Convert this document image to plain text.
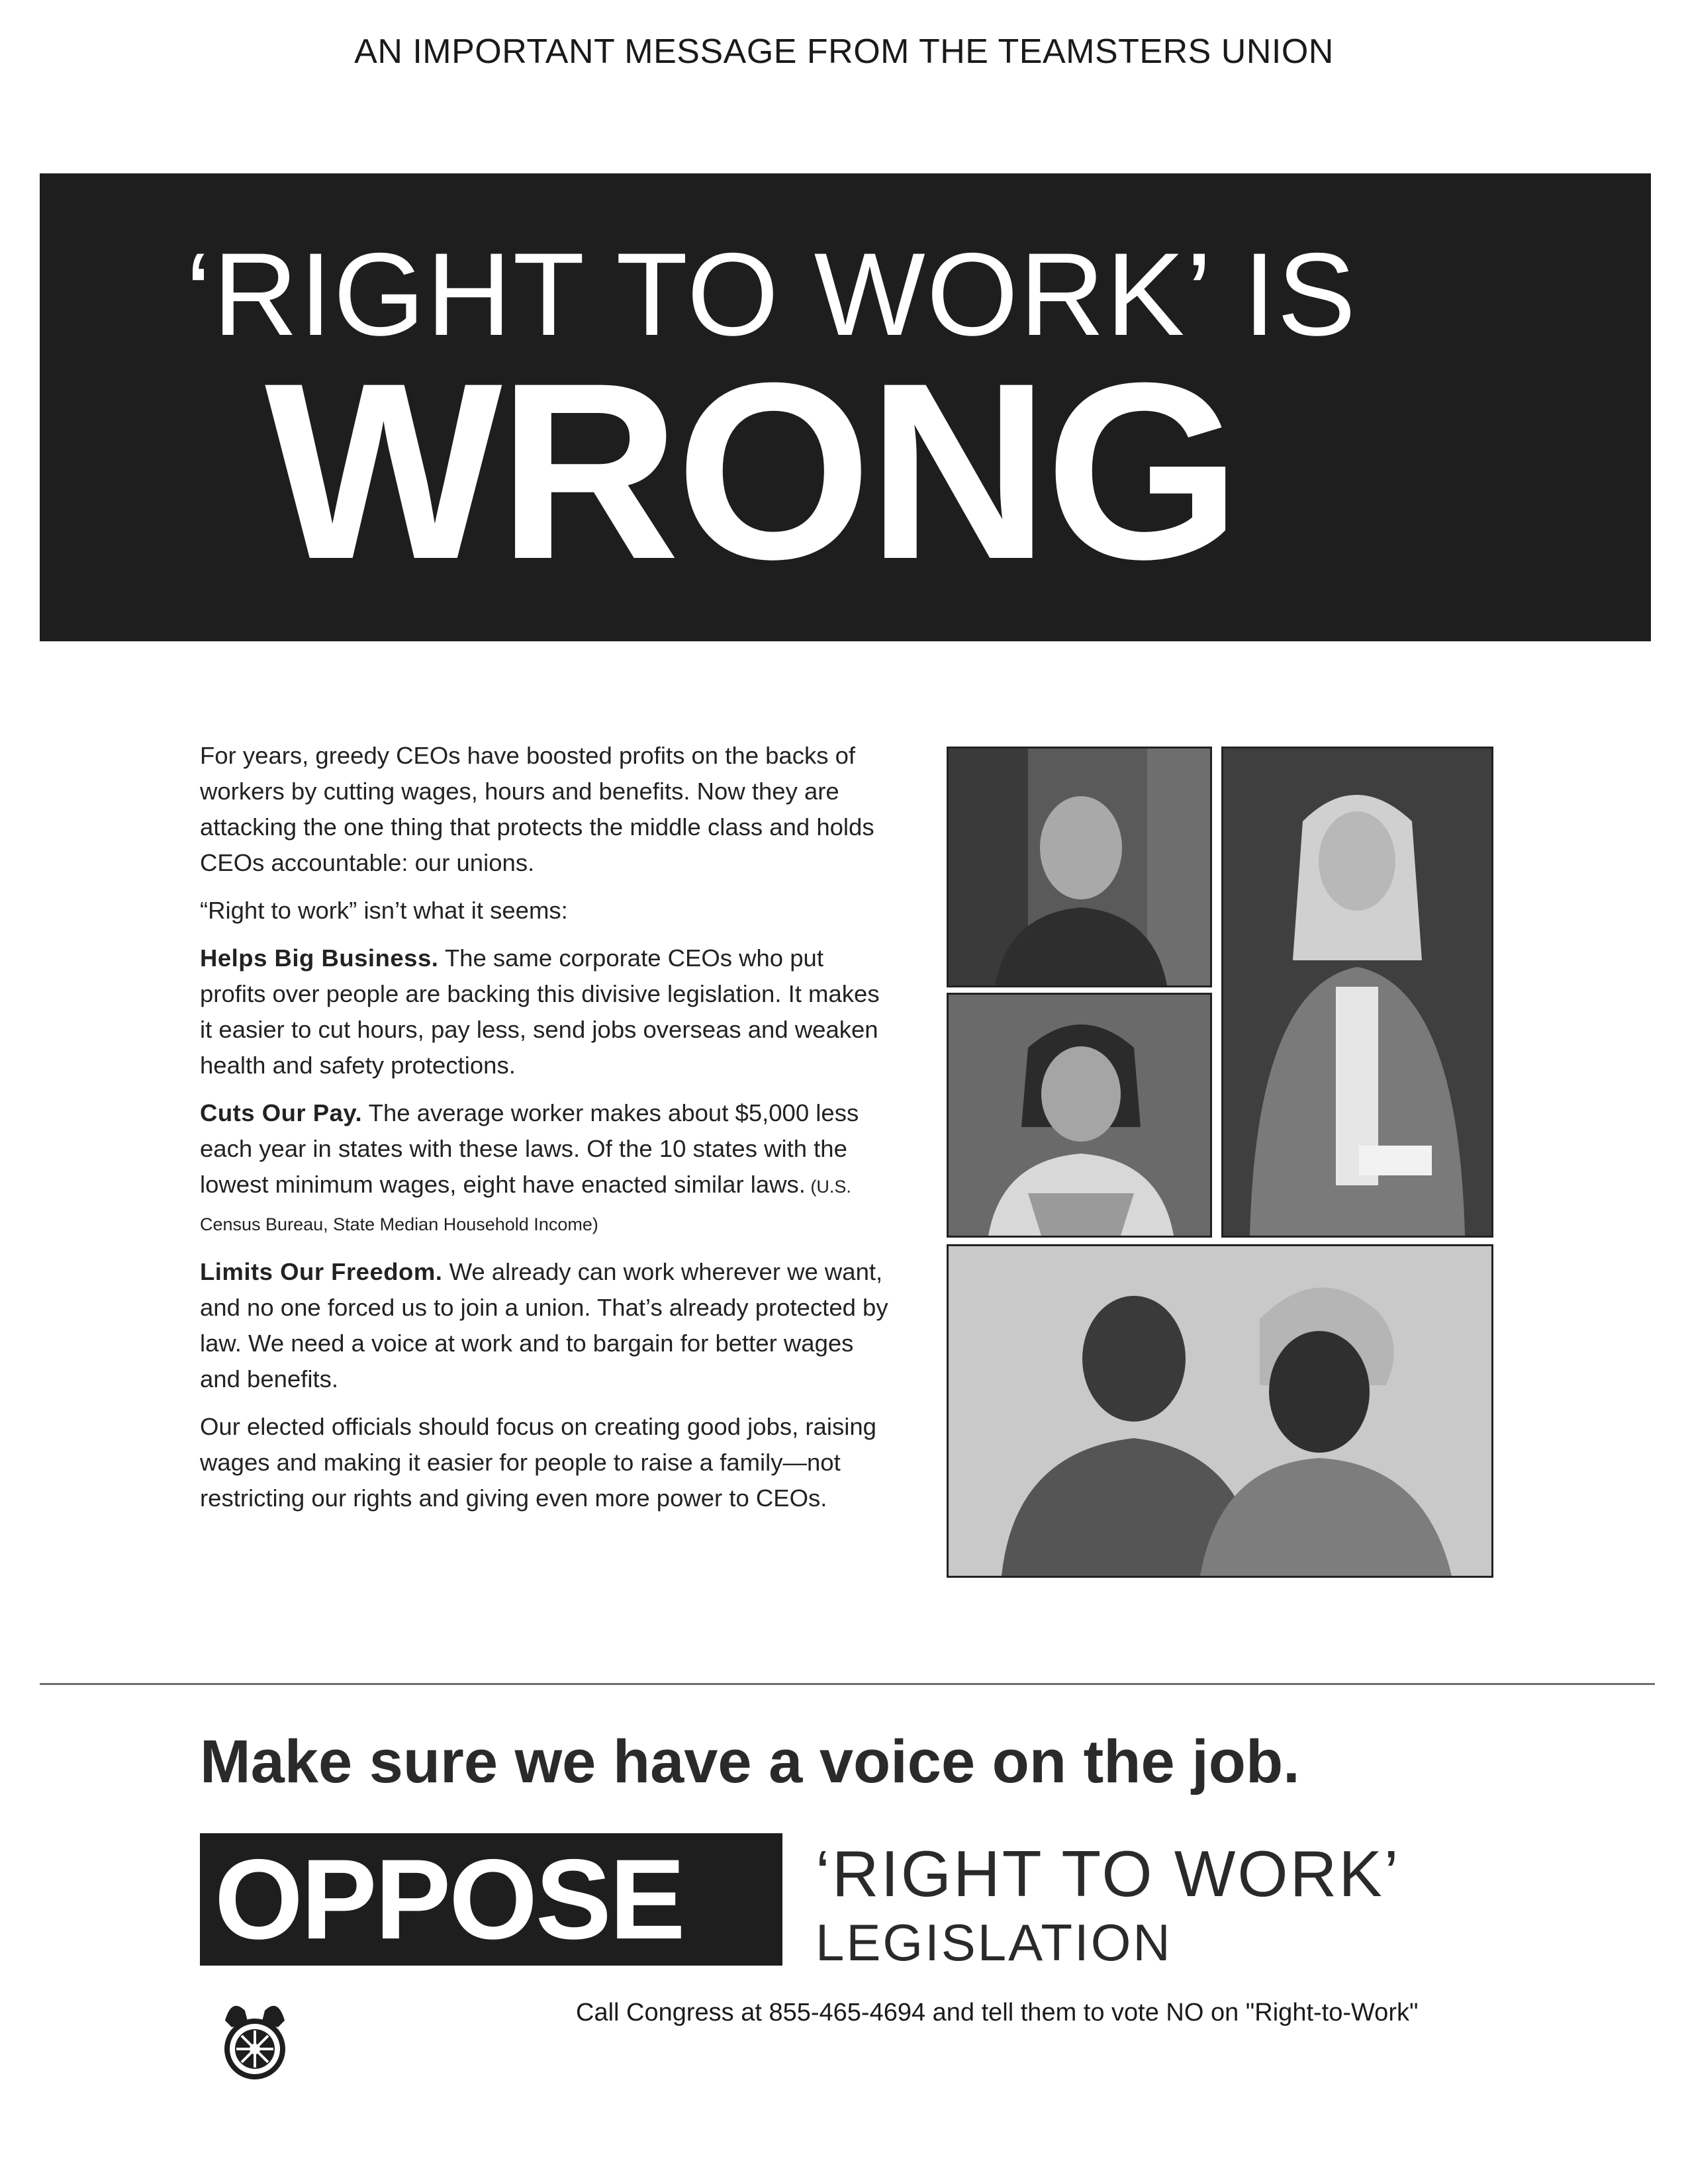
AN IMPORTANT MESSAGE FROM THE TEAMSTERS UNION
‘RIGHT TO WORK’ IS
WRONG

For years, greedy CEOs have boosted profits on the backs of workers by cutting wages, hours and benefits. Now they are attacking the one thing that protects the middle class and holds CEOs accountable: our unions.

“Right to work” isn’t what it seems:

Helps Big Business. The same corporate CEOs who put profits over people are backing this divisive legislation. It makes it easier to cut hours, pay less, send jobs overseas and weaken health and safety protections.

Cuts Our Pay. The average worker makes about $5,000 less each year in states with these laws. Of the 10 states with the lowest minimum wages, eight have enacted similar laws. (U.S. Census Bureau, State Median Household Income)

Limits Our Freedom. We already can work wherever we want, and no one forced us to join a union. That’s already protected by law. We need a voice at work and to bargain for better wages and benefits.

Our elected officials should focus on creating good jobs, raising wages and making it easier for people to raise a family—not restricting our rights and giving even more power to CEOs.

Make sure we have a voice on the job.
OPPOSE ‘RIGHT TO WORK’
LEGISLATION
Call Congress at 855-465-4694 and tell them to vote NO on "Right-to-Work"
